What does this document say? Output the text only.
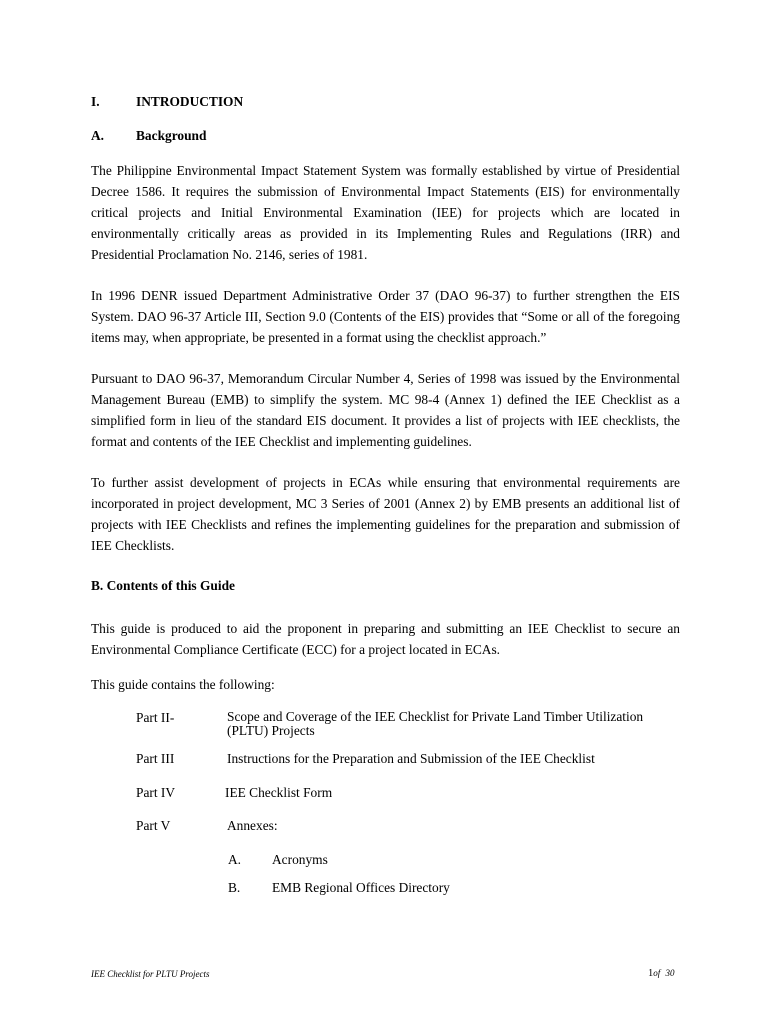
I.	INTRODUCTION
A. Background

The Philippine Environmental Impact Statement System was formally established by virtue of Presidential Decree 1586. It requires the submission of Environmental Impact Statements (EIS) for environmentally critical projects and Initial Environmental Examination (IEE) for projects which are located in environmentally critically areas as provided in its Implementing Rules and Regulations (IRR) and Presidential Proclamation No. 2146, series of 1981.

In 1996 DENR issued Department Administrative Order 37 (DAO 96-37) to further strengthen the EIS System. DAO 96-37 Article III, Section 9.0 (Contents of the EIS) provides that “Some or all of the foregoing items may, when appropriate, be presented in a format using the checklist approach.”

Pursuant to DAO 96-37, Memorandum Circular Number 4, Series of 1998 was issued by the Environmental Management Bureau (EMB) to simplify the system. MC 98-4 (Annex 1) defined the IEE Checklist as a simplified form in lieu of the standard EIS document. It provides a list of projects with IEE checklists, the format and contents of the IEE Checklist and implementing guidelines.

To further assist development of projects in ECAs while ensuring that environmental requirements are incorporated in project development, MC 3 Series of 2001 (Annex 2) by EMB presents an additional list of projects with IEE Checklists and refines the implementing guidelines for the preparation and submission of IEE Checklists.

B. Contents of this Guide

This guide is produced to aid the proponent in preparing and submitting an IEE Checklist to secure an Environmental Compliance Certificate (ECC) for a project located in ECAs.

This guide contains the following:

Part II-	Scope and Coverage of the IEE Checklist for Private Land Timber Utilization (PLTU) Projects
Part III	Instructions for the Preparation and Submission of the IEE Checklist
Part IV	IEE Checklist Form
Part V	Annexes:
A. Acronyms
B. EMB Regional Offices Directory
IEE Checklist for PLTU Projects	1of 30
